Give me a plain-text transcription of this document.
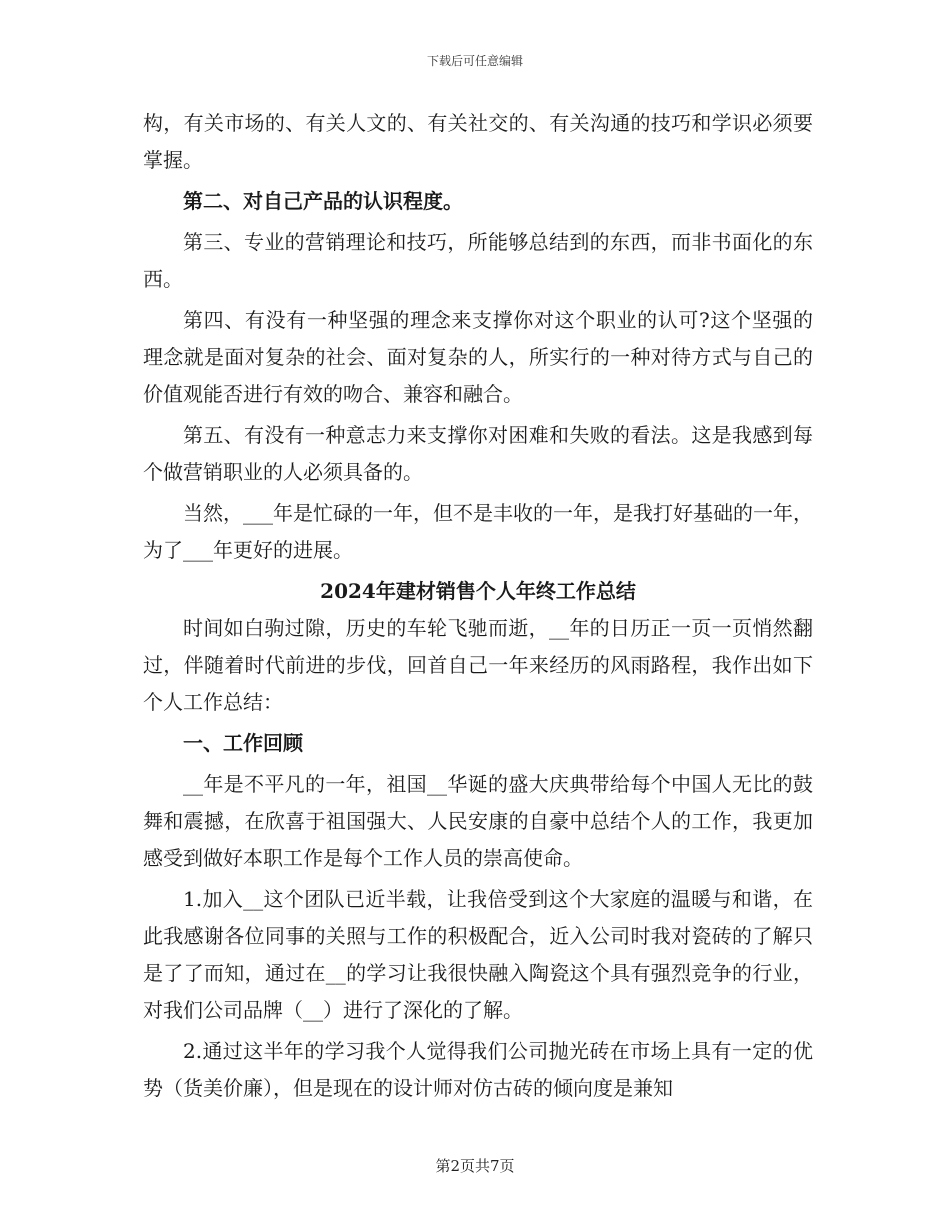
下载后可任意编辑

构，有关市场的、有关人文的、有关社交的、有关沟通的技巧和学识必须要掌握。

第二、对自己产品的认识程度。

第三、专业的营销理论和技巧，所能够总结到的东西，而非书面化的东西。

第四、有没有一种坚强的理念来支撑你对这个职业的认可?这个坚强的理念就是面对复杂的社会、面对复杂的人，所实行的一种对待方式与自己的价值观能否进行有效的吻合、兼容和融合。

第五、有没有一种意志力来支撑你对困难和失败的看法。这是我感到每个做营销职业的人必须具备的。

当然，___年是忙碌的一年，但不是丰收的一年，是我打好基础的一年，为了___年更好的进展。

2024年建材销售个人年终工作总结

时间如白驹过隙，历史的车轮飞驰而逝，__年的日历正一页一页悄然翻过，伴随着时代前进的步伐，回首自己一年来经历的风雨路程，我作出如下个人工作总结：

一、工作回顾

__年是不平凡的一年，祖国__华诞的盛大庆典带给每个中国人无比的鼓舞和震撼，在欣喜于祖国强大、人民安康的自豪中总结个人的工作，我更加感受到做好本职工作是每个工作人员的崇高使命。

1.加入__这个团队已近半载，让我倍受到这个大家庭的温暖与和谐，在此我感谢各位同事的关照与工作的积极配合，近入公司时我对瓷砖的了解只是了了而知，通过在__的学习让我很快融入陶瓷这个具有强烈竞争的行业，对我们公司品牌（__）进行了深化的了解。

2.通过这半年的学习我个人觉得我们公司抛光砖在市场上具有一定的优势（货美价廉），但是现在的设计师对仿古砖的倾向度是兼知

第2页共7页
